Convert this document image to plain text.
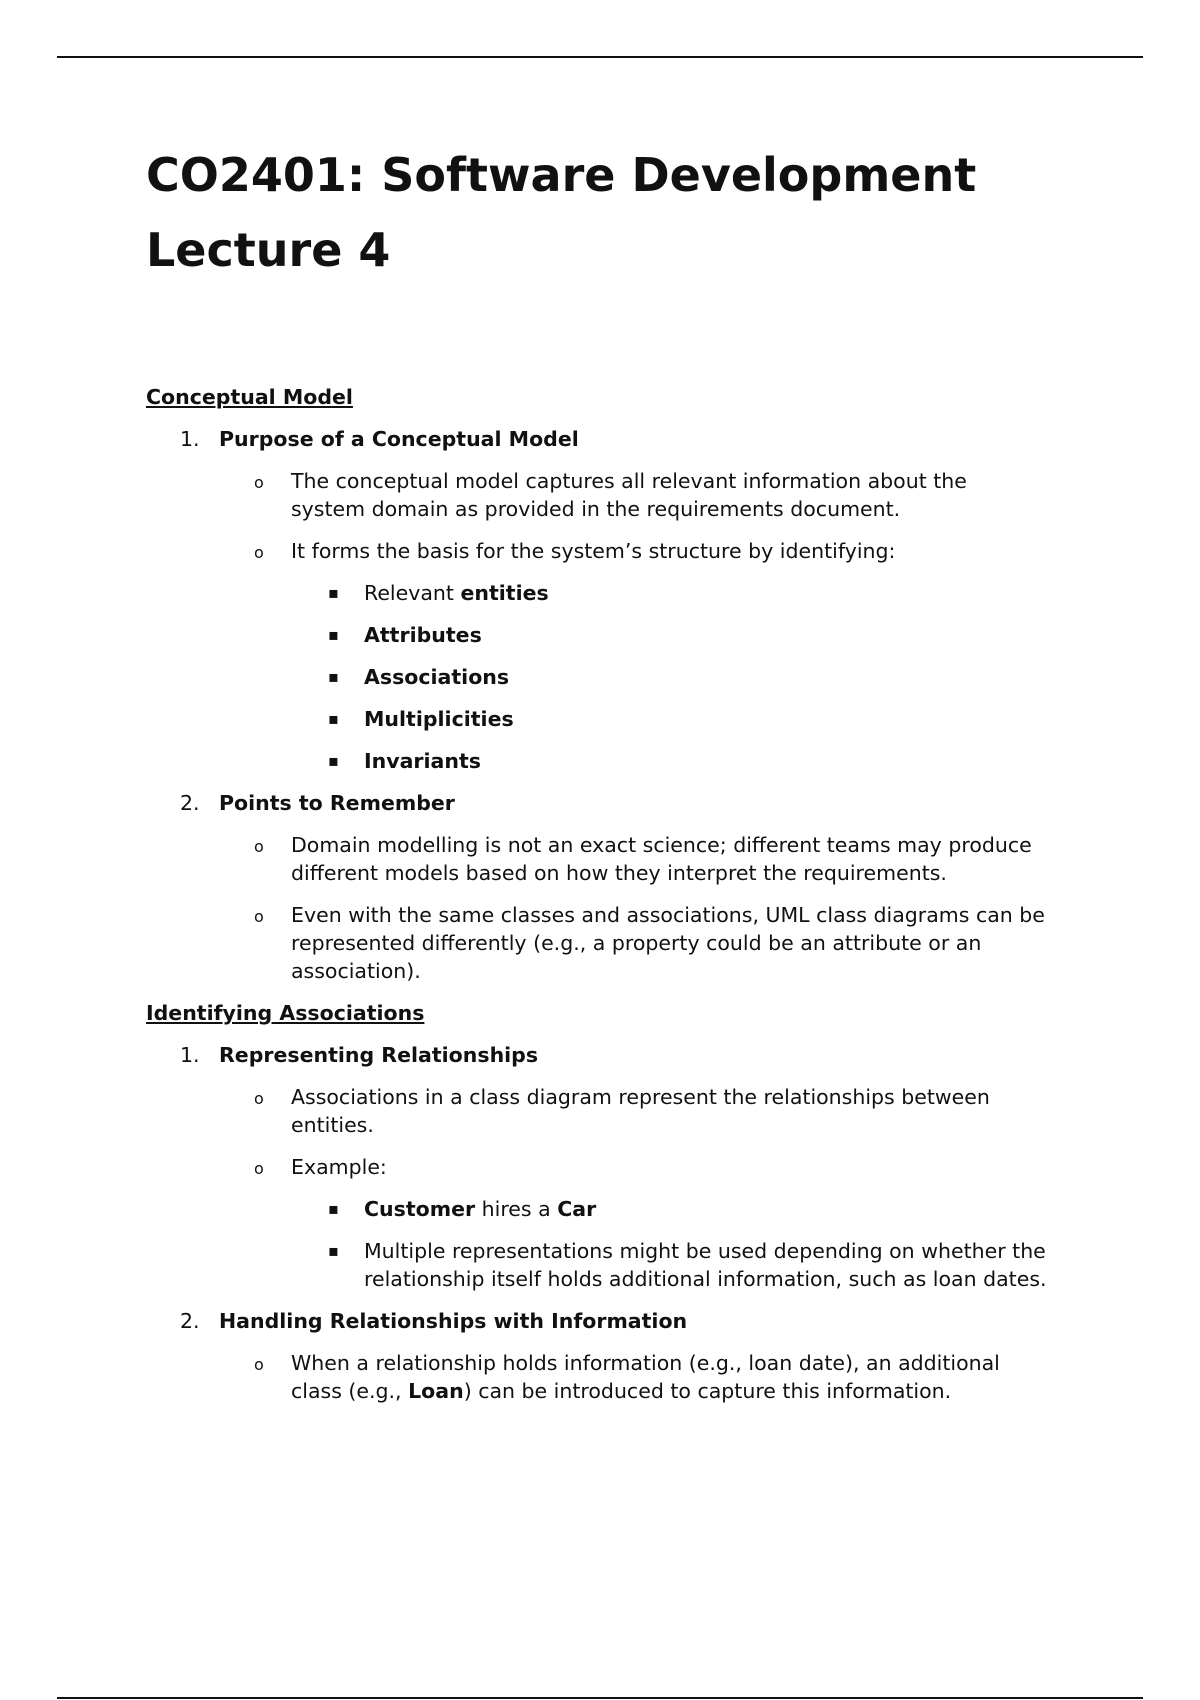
CO2401: Software Development
Lecture 4

Conceptual Model

1. Purpose of a Conceptual Model
o The conceptual model captures all relevant information about the system domain as provided in the requirements document.
o It forms the basis for the system’s structure by identifying:
▪ Relevant entities
▪ Attributes
▪ Associations
▪ Multiplicities
▪ Invariants
2. Points to Remember
o Domain modelling is not an exact science; different teams may produce different models based on how they interpret the requirements.
o Even with the same classes and associations, UML class diagrams can be represented differently (e.g., a property could be an attribute or an association).

Identifying Associations

1. Representing Relationships
o Associations in a class diagram represent the relationships between entities.
o Example:
▪ Customer hires a Car
▪ Multiple representations might be used depending on whether the relationship itself holds additional information, such as loan dates.
2. Handling Relationships with Information
o When a relationship holds information (e.g., loan date), an additional class (e.g., Loan) can be introduced to capture this information.
